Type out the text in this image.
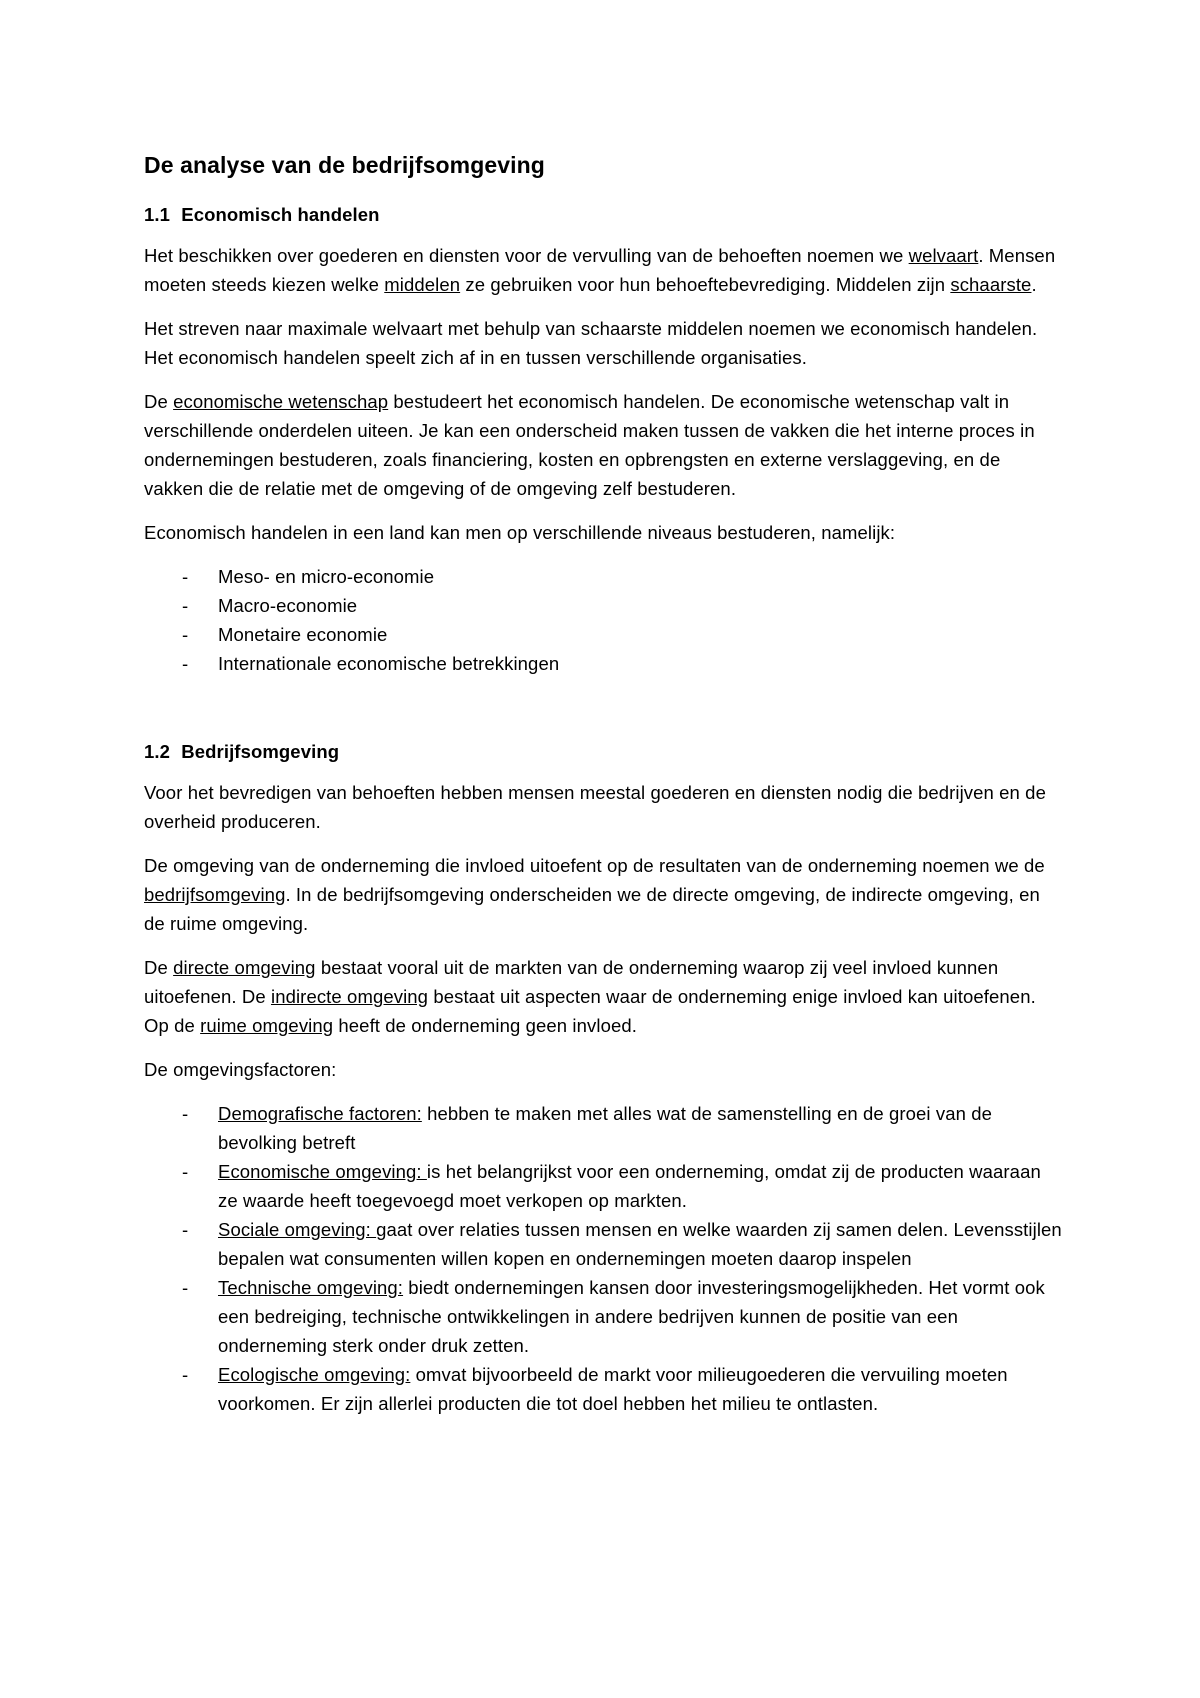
De analyse van de bedrijfsomgeving
1.1 Economisch handelen

Het beschikken over goederen en diensten voor de vervulling van de behoeften noemen we welvaart. Mensen moeten steeds kiezen welke middelen ze gebruiken voor hun behoeftebevrediging. Middelen zijn schaarste.

Het streven naar maximale welvaart met behulp van schaarste middelen noemen we economisch handelen. Het economisch handelen speelt zich af in en tussen verschillende organisaties.

De economische wetenschap bestudeert het economisch handelen. De economische wetenschap valt in verschillende onderdelen uiteen. Je kan een onderscheid maken tussen de vakken die het interne proces in ondernemingen bestuderen, zoals financiering, kosten en opbrengsten en externe verslaggeving, en de vakken die de relatie met de omgeving of de omgeving zelf bestuderen.

Economisch handelen in een land kan men op verschillende niveaus bestuderen, namelijk:

- Meso- en micro-economie
- Macro-economie
- Monetaire economie
- Internationale economische betrekkingen
1.2 Bedrijfsomgeving

Voor het bevredigen van behoeften hebben mensen meestal goederen en diensten nodig die bedrijven en de overheid produceren.

De omgeving van de onderneming die invloed uitoefent op de resultaten van de onderneming noemen we de bedrijfsomgeving. In de bedrijfsomgeving onderscheiden we de directe omgeving, de indirecte omgeving, en de ruime omgeving.

De directe omgeving bestaat vooral uit de markten van de onderneming waarop zij veel invloed kunnen uitoefenen. De indirecte omgeving bestaat uit aspecten waar de onderneming enige invloed kan uitoefenen. Op de ruime omgeving heeft de onderneming geen invloed.

De omgevingsfactoren:

- Demografische factoren: hebben te maken met alles wat de samenstelling en de groei van de bevolking betreft
- Economische omgeving: is het belangrijkst voor een onderneming, omdat zij de producten waaraan ze waarde heeft toegevoegd moet verkopen op markten.
- Sociale omgeving: gaat over relaties tussen mensen en welke waarden zij samen delen. Levensstijlen bepalen wat consumenten willen kopen en ondernemingen moeten daarop inspelen
- Technische omgeving: biedt ondernemingen kansen door investeringsmogelijkheden. Het vormt ook een bedreiging, technische ontwikkelingen in andere bedrijven kunnen de positie van een onderneming sterk onder druk zetten.
- Ecologische omgeving: omvat bijvoorbeeld de markt voor milieugoederen die vervuiling moeten voorkomen. Er zijn allerlei producten die tot doel hebben het milieu te ontlasten.
